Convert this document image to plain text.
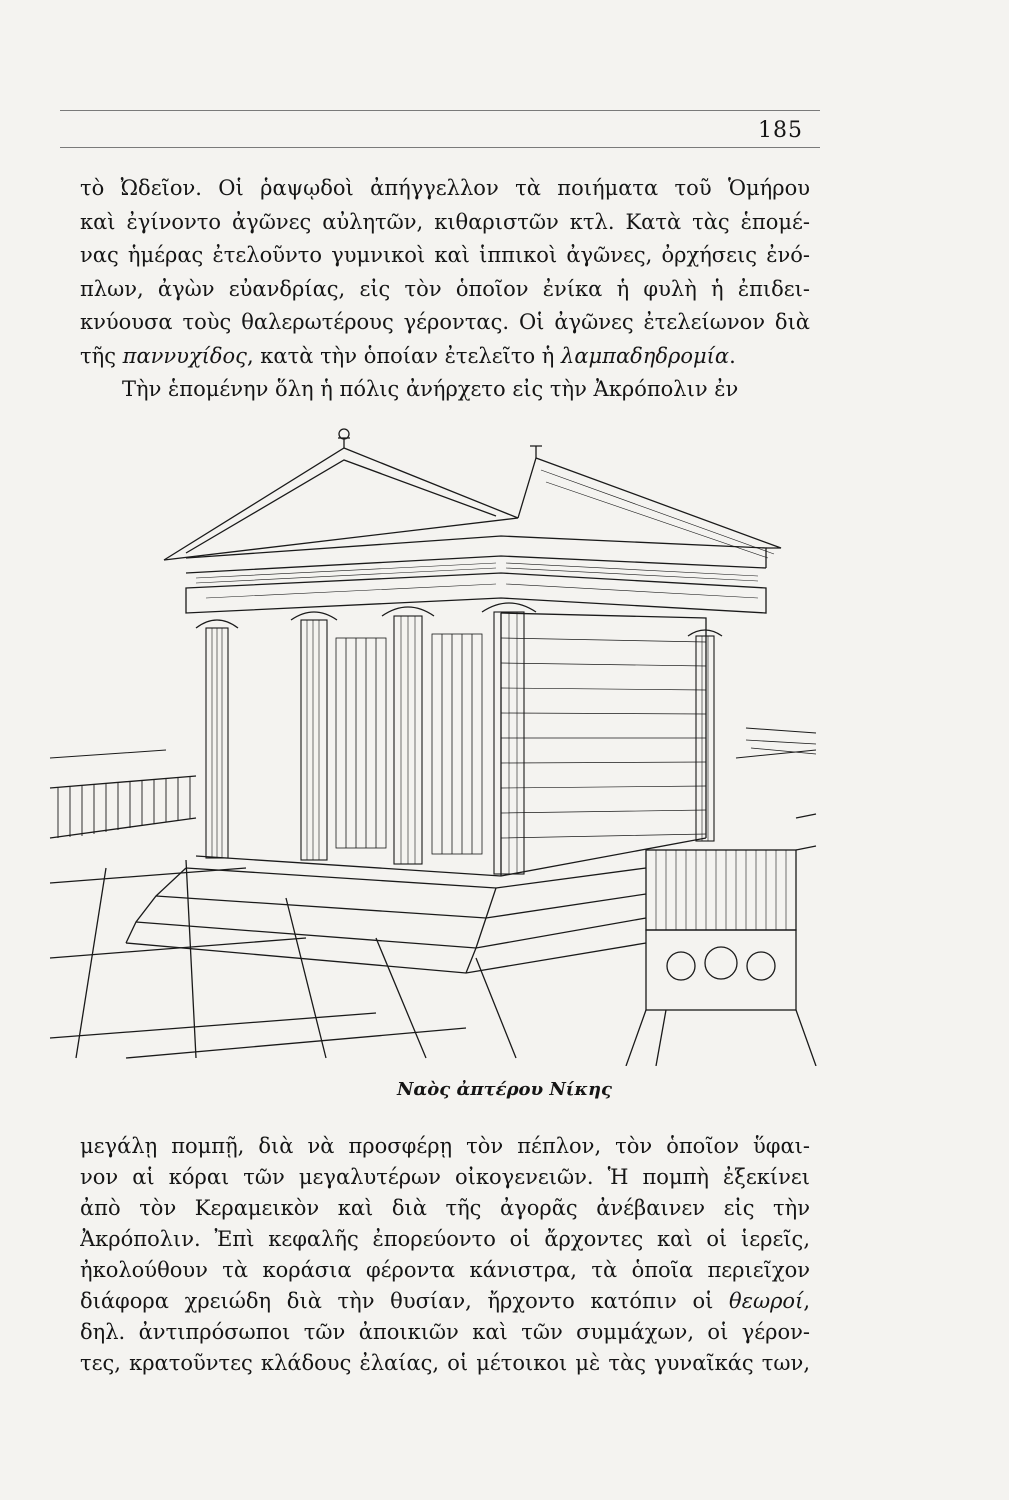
185
τὸ Ὠδεῖον. Οἱ ῥαψῳδοὶ ἀπήγγελλον τὰ ποιήματα τοῦ Ὁμήρου
καὶ ἐγίνοντο ἀγῶνες αὐλητῶν, κιθαριστῶν κτλ. Κατὰ τὰς ἑπομέ-
νας ἡμέρας ἐτελοῦντο γυμνικοὶ καὶ ἱππικοὶ ἀγῶνες, ὀρχήσεις ἐνό-
πλων, ἀγὼν εὐανδρίας, εἰς τὸν ὁποῖον ἐνίκα ἡ φυλὴ ἡ ἐπιδει-
κνύουσα τοὺς θαλερωτέρους γέροντας. Οἱ ἀγῶνες ἐτελείωνον διὰ
τῆς παννυχίδος, κατὰ τὴν ὁποίαν ἐτελεῖτο ἡ λαμπαδηδρομία.
Τὴν ἑπομένην ὅλη ἡ πόλις ἀνήρχετο εἰς τὴν Ἀκρόπολιν ἐν
Ναὸς ἀπτέρου Νίκης
μεγάλῃ πομπῇ, διὰ νὰ προσφέρῃ τὸν πέπλον, τὸν ὁποῖον ὕφαι-
νον αἱ κόραι τῶν μεγαλυτέρων οἰκογενειῶν. Ἡ πομπὴ ἐξεκίνει
ἀπὸ τὸν Κεραμεικὸν καὶ διὰ τῆς ἀγορᾶς ἀνέβαινεν εἰς τὴν
Ἀκρόπολιν. Ἐπὶ κεφαλῆς ἐπορεύοντο οἱ ἄρχοντες καὶ οἱ ἱερεῖς,
ἠκολούθουν τὰ κοράσια φέροντα κάνιστρα, τὰ ὁποῖα περιεῖχον
διάφορα χρειώδη διὰ τὴν θυσίαν, ἤρχοντο κατόπιν οἱ θεωροί,
δηλ. ἀντιπρόσωποι τῶν ἀποικιῶν καὶ τῶν συμμάχων, οἱ γέρον-
τες, κρατοῦντες κλάδους ἐλαίας, οἱ μέτοικοι μὲ τὰς γυναῖκάς των,
